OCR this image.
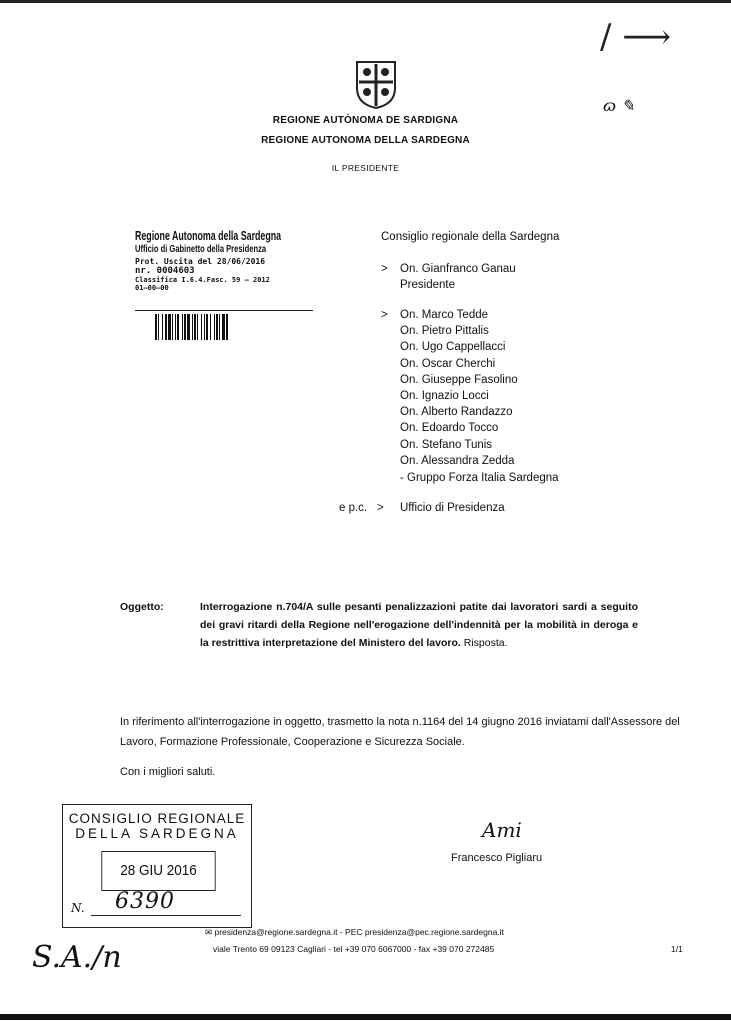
/ ⟶
REGIONE AUTÒNOMA DE SARDIGNA
REGIONE AUTONOMA DELLA SARDEGNA
IL PRESIDENTE
ɷ ✎
Regione Autonoma della Sardegna
Ufficio di Gabinetto della Presidenza
Prot. Uscita del 28/06/2016
nr. 0004603
Classifica I.6.4.Fasc. 59 – 2012
01–00–00
Consiglio regionale della Sardegna
> On. Gianfranco Ganau
Presidente
> On. Marco Tedde
On. Pietro Pittalis
On. Ugo Cappellacci
On. Oscar Cherchi
On. Giuseppe Fasolino
On. Ignazio Locci
On. Alberto Randazzo
On. Edoardo Tocco
On. Stefano Tunis
On. Alessandra Zedda
- Gruppo Forza Italia Sardegna
e p.c. > Ufficio di Presidenza
Oggetto:	Interrogazione n.704/A sulle pesanti penalizzazioni patite dai lavoratori sardi a seguito dei gravi ritardi della Regione nell'erogazione dell'indennità per la mobilità in deroga e la restrittiva interpretazione del Ministero del lavoro. Risposta.
In riferimento all'interrogazione in oggetto, trasmetto la nota n.1164 del 14 giugno 2016 inviatami dall'Assessore del Lavoro, Formazione Professionale, Cooperazione e Sicurezza Sociale.
Con i migliori saluti.
CONSIGLIO REGIONALE
DELLA SARDEGNA
28 GIU 2016
N. 6390
Ami
Francesco Pigliaru
S.A./n
✉ presidenza@regione.sardegna.it - PEC presidenza@pec.regione.sardegna.it
viale Trento 69 09123 Cagliari - tel +39 070 6067000 - fax +39 070 272485	1/1
